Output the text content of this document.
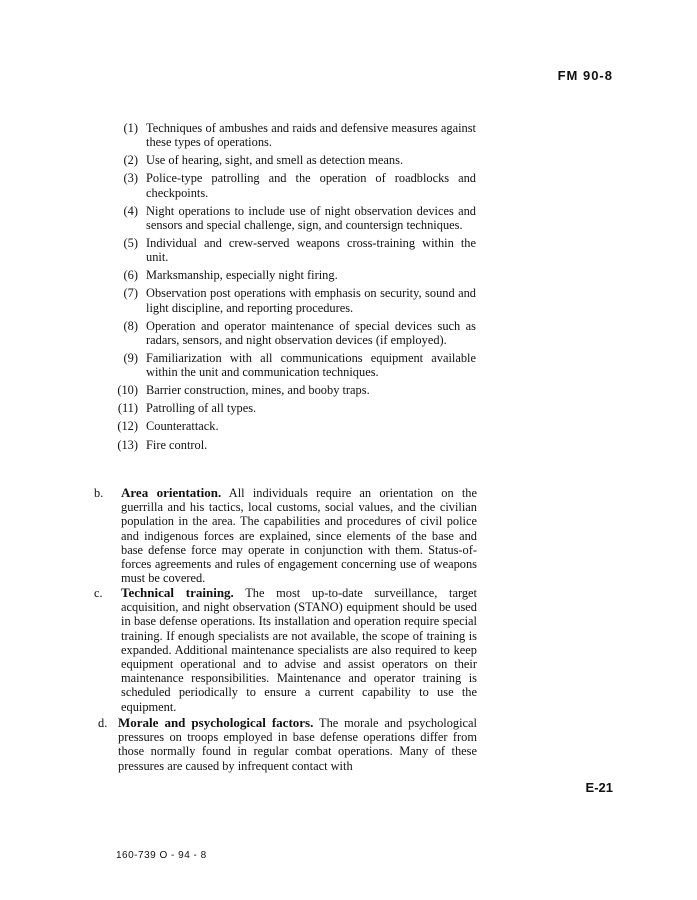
FM 90-8
(1) Techniques of ambushes and raids and defensive measures against these types of operations.
(2) Use of hearing, sight, and smell as detection means.
(3) Police-type patrolling and the operation of roadblocks and checkpoints.
(4) Night operations to include use of night observation devices and sensors and special challenge, sign, and countersign techniques.
(5) Individual and crew-served weapons cross-training within the unit.
(6) Marksmanship, especially night firing.
(7) Observation post operations with emphasis on security, sound and light discipline, and reporting procedures.
(8) Operation and operator maintenance of special devices such as radars, sensors, and night observation devices (if employed).
(9) Familiarization with all communications equipment available within the unit and communication techniques.
(10) Barrier construction, mines, and booby traps.
(11) Patrolling of all types.
(12) Counterattack.
(13) Fire control.
b.	Area orientation. All individuals require an orientation on the guerrilla and his tactics, local customs, social values, and the civilian population in the area. The capabilities and procedures of civil police and indigenous forces are explained, since elements of the base and base defense force may operate in conjunction with them. Status-of-forces agreements and rules of engagement concerning use of weapons must be covered.
c.	Technical training. The most up-to-date surveillance, target acquisition, and night observation (STANO) equipment should be used in base defense operations. Its installation and operation require special training. If enough specialists are not available, the scope of training is expanded. Additional maintenance specialists are also required to keep equipment operational and to advise and assist operators on their maintenance responsibilities. Maintenance and operator training is scheduled periodically to ensure a current capability to use the equipment.
d. Morale and psychological factors. The morale and psychological pressures on troops employed in base defense operations differ from those normally found in regular combat operations. Many of these pressures are caused by infrequent contact with
E-21
160-739 O - 94 - 8
